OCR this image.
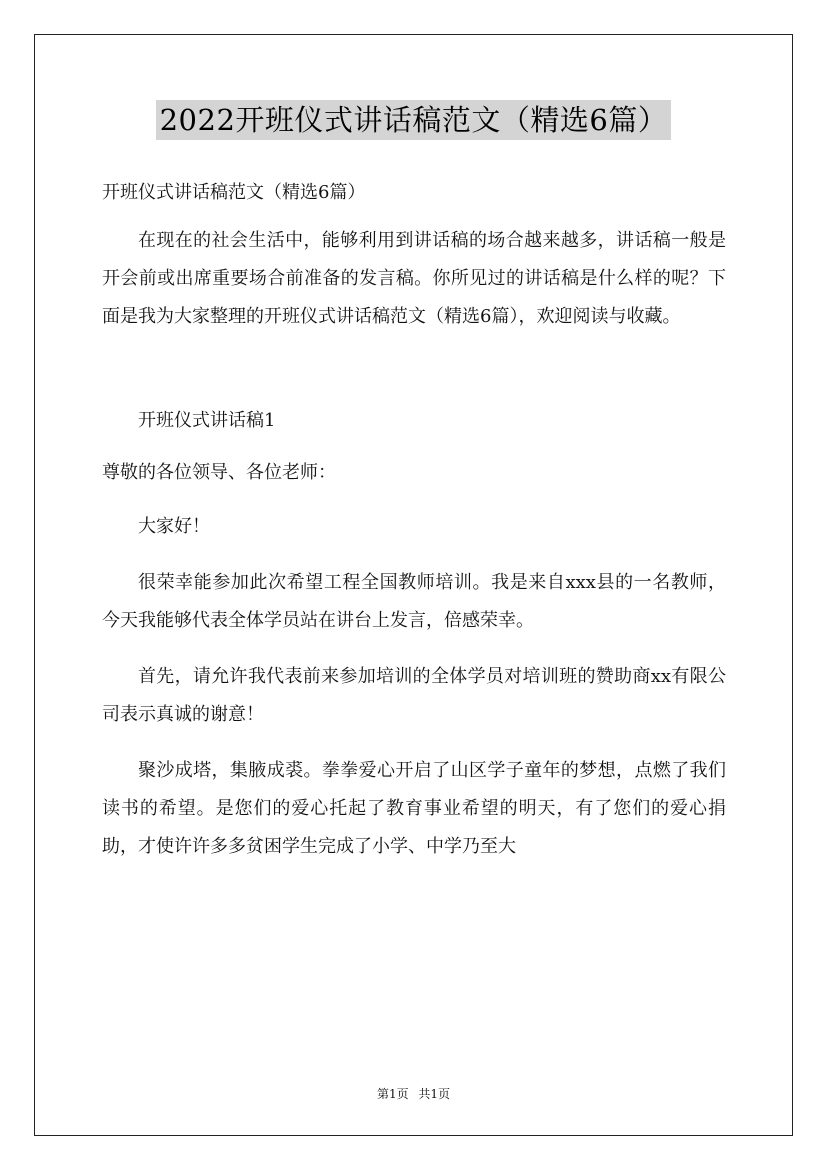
2022开班仪式讲话稿范文（精选6篇）

开班仪式讲话稿范文（精选6篇）

在现在的社会生活中，能够利用到讲话稿的场合越来越多，讲话稿一般是开会前或出席重要场合前准备的发言稿。你所见过的讲话稿是什么样的呢？下面是我为大家整理的开班仪式讲话稿范文（精选6篇），欢迎阅读与收藏。

开班仪式讲话稿1

尊敬的各位领导、各位老师：

大家好！

很荣幸能参加此次希望工程全国教师培训。我是来自xxx县的一名教师，今天我能够代表全体学员站在讲台上发言，倍感荣幸。

首先，请允许我代表前来参加培训的全体学员对培训班的赞助商xx有限公司表示真诚的谢意！

聚沙成塔，集腋成裘。拳拳爱心开启了山区学子童年的梦想，点燃了我们读书的希望。是您们的爱心托起了教育事业希望的明天，有了您们的爱心捐助，才使许许多多贫困学生完成了小学、中学乃至大

第1页 共1页
